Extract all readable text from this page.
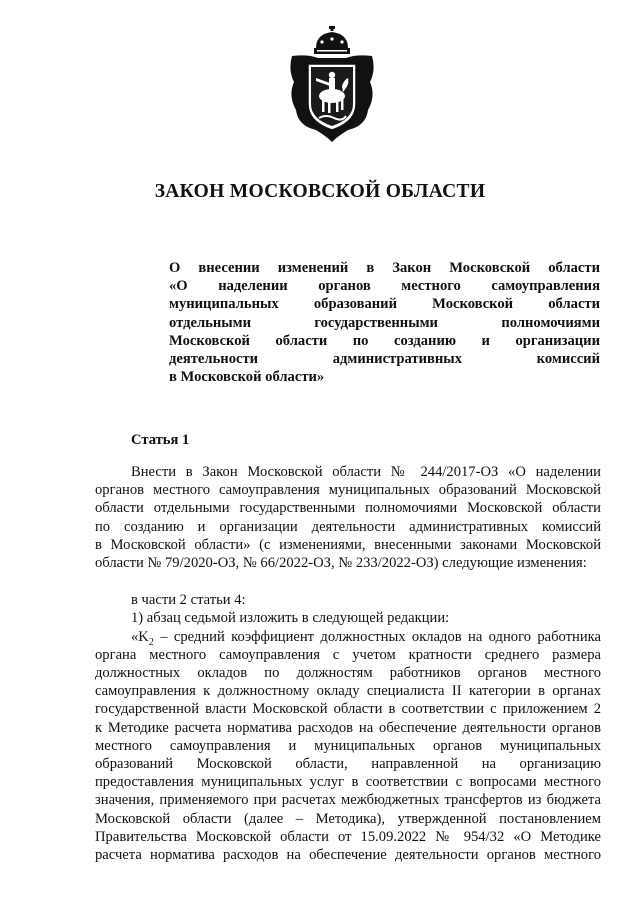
ЗАКОН МОСКОВСКОЙ ОБЛАСТИ
О внесении изменений в Закон Московской области
«О наделении органов местного самоуправления
муниципальных образований Московской области
отдельными государственными полномочиями
Московской области по созданию и организации
деятельности административных комиссий
в Московской области»
Статья 1
Внести в Закон Московской области № 244/2017-ОЗ «О наделении
органов местного самоуправления муниципальных образований Московской
области отдельными государственными полномочиями Московской области
по созданию и организации деятельности административных комиссий
в Московской области» (с изменениями, внесенными законами Московской
области № 79/2020-ОЗ, № 66/2022-ОЗ, № 233/2022-ОЗ) следующие изменения:
в части 2 статьи 4:
1) абзац седьмой изложить в следующей редакции:
«$K_2$ – средний коэффициент должностных окладов на одного работника
органа местного самоуправления с учетом кратности среднего размера
должностных окладов по должностям работников органов местного
самоуправления к должностному окладу специалиста II категории в органах
государственной власти Московской области в соответствии с приложением 2
к Методике расчета норматива расходов на обеспечение деятельности органов
местного самоуправления и муниципальных органов муниципальных
образований Московской области, направленной на организацию
предоставления муниципальных услуг в соответствии с вопросами местного
значения, применяемого при расчетах межбюджетных трансфертов из бюджета
Московской области (далее – Методика), утвержденной постановлением
Правительства Московской области от 15.09.2022 № 954/32 «О Методике
расчета норматива расходов на обеспечение деятельности органов местного
